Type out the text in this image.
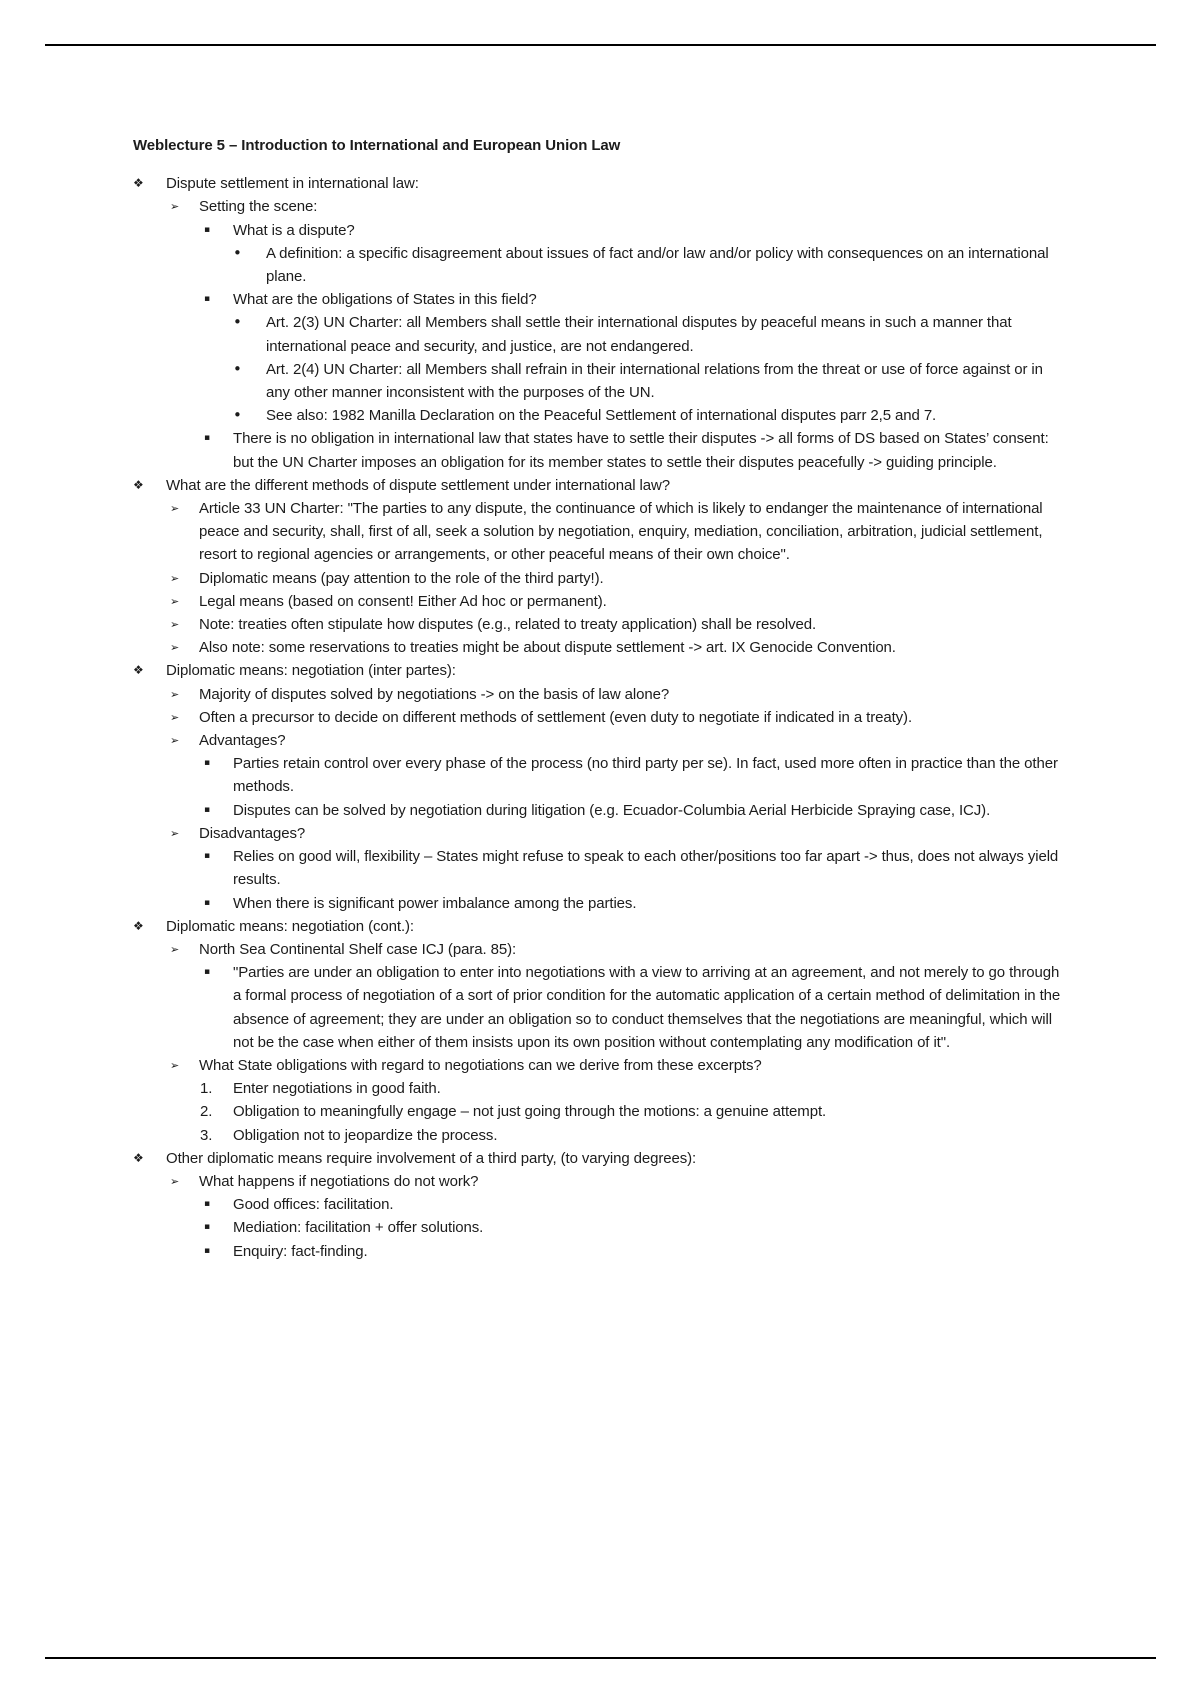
Weblecture 5 – Introduction to International and European Union Law
❖	Dispute settlement in international law:
➢	Setting the scene:
▪	What is a dispute?
•	A definition: a specific disagreement about issues of fact and/or law and/or policy with consequences on an international plane.
▪	What are the obligations of States in this field?
•	Art. 2(3) UN Charter: all Members shall settle their international disputes by peaceful means in such a manner that international peace and security, and justice, are not endangered.
•	Art. 2(4) UN Charter: all Members shall refrain in their international relations from the threat or use of force against or in any other manner inconsistent with the purposes of the UN.
•	See also: 1982 Manilla Declaration on the Peaceful Settlement of international disputes parr 2,5 and 7.
▪	There is no obligation in international law that states have to settle their disputes -> all forms of DS based on States’ consent: but the UN Charter imposes an obligation for its member states to settle their disputes peacefully -> guiding principle.
❖	What are the different methods of dispute settlement under international law?
➢	Article 33 UN Charter: "The parties to any dispute, the continuance of which is likely to endanger the maintenance of international peace and security, shall, first of all, seek a solution by negotiation, enquiry, mediation, conciliation, arbitration, judicial settlement, resort to regional agencies or arrangements, or other peaceful means of their own choice".
➢	Diplomatic means (pay attention to the role of the third party!).
➢	Legal means (based on consent! Either Ad hoc or permanent).
➢	Note: treaties often stipulate how disputes (e.g., related to treaty application) shall be resolved.
➢	Also note: some reservations to treaties might be about dispute settlement -> art. IX Genocide Convention.
❖	Diplomatic means: negotiation (inter partes):
➢	Majority of disputes solved by negotiations -> on the basis of law alone?
➢	Often a precursor to decide on different methods of settlement (even duty to negotiate if indicated in a treaty).
➢	Advantages?
▪	Parties retain control over every phase of the process (no third party per se). In fact, used more often in practice than the other methods.
▪	Disputes can be solved by negotiation during litigation (e.g. Ecuador-Columbia Aerial Herbicide Spraying case, ICJ).
➢	Disadvantages?
▪	Relies on good will, flexibility – States might refuse to speak to each other/positions too far apart -> thus, does not always yield results.
▪	When there is significant power imbalance among the parties.
❖	Diplomatic means: negotiation (cont.):
➢	North Sea Continental Shelf case ICJ (para. 85):
▪	"Parties are under an obligation to enter into negotiations with a view to arriving at an agreement, and not merely to go through a formal process of negotiation of a sort of prior condition for the automatic application of a certain method of delimitation in the absence of agreement; they are under an obligation so to conduct themselves that the negotiations are meaningful, which will not be the case when either of them insists upon its own position without contemplating any modification of it".
➢	What State obligations with regard to negotiations can we derive from these excerpts?
1.	Enter negotiations in good faith.
2.	Obligation to meaningfully engage – not just going through the motions: a genuine attempt.
3.	Obligation not to jeopardize the process.
❖	Other diplomatic means require involvement of a third party, (to varying degrees):
➢	What happens if negotiations do not work?
▪	Good offices: facilitation.
▪	Mediation: facilitation + offer solutions.
▪	Enquiry: fact-finding.
